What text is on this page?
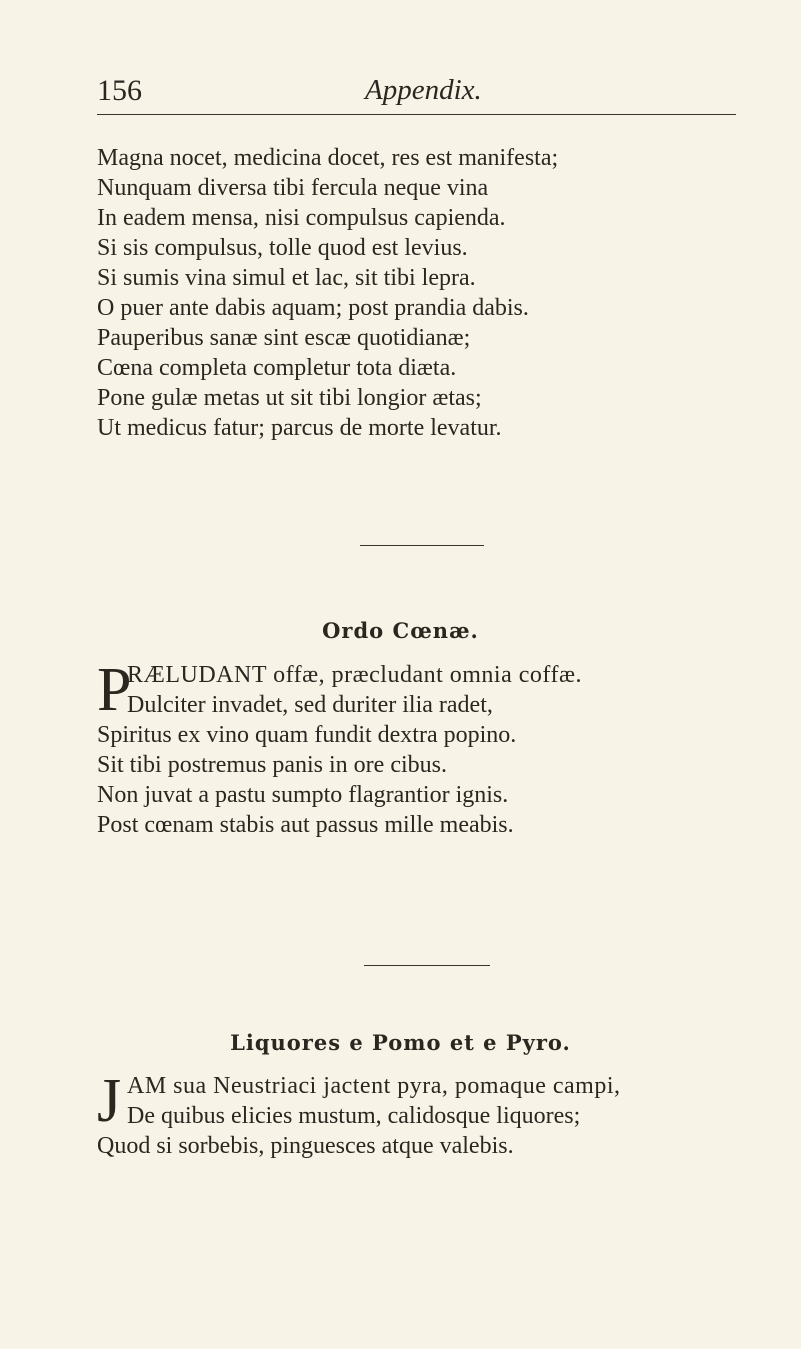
156	Appendix.
Magna nocet, medicina docet, res est manifesta;
Nunquam diversa tibi fercula neque vina
In eadem mensa, nisi compulsus capienda.
Si sis compulsus, tolle quod est levius.
Si sumis vina simul et lac, sit tibi lepra.
O puer ante dabis aquam; post prandia dabis.
Pauperibus sanæ sint escæ quotidianæ;
Cœna completa completur tota diæta.
Pone gulæ metas ut sit tibi longior ætas;
Ut medicus fatur; parcus de morte levatur.
Ordo Cœnæ.
P
RÆLUDANT offæ, præcludant omnia coffæ.
Dulciter invadet, sed duriter ilia radet,
Spiritus ex vino quam fundit dextra popino.
Sit tibi postremus panis in ore cibus.
Non juvat a pastu sumpto flagrantior ignis.
Post cœnam stabis aut passus mille meabis.
Liquores e Pomo et e Pyro.
J AM sua Neustriaci jactent pyra, pomaque campi,
De quibus elicies mustum, calidosque liquores;
Quod si sorbebis, pinguesces atque valebis.
